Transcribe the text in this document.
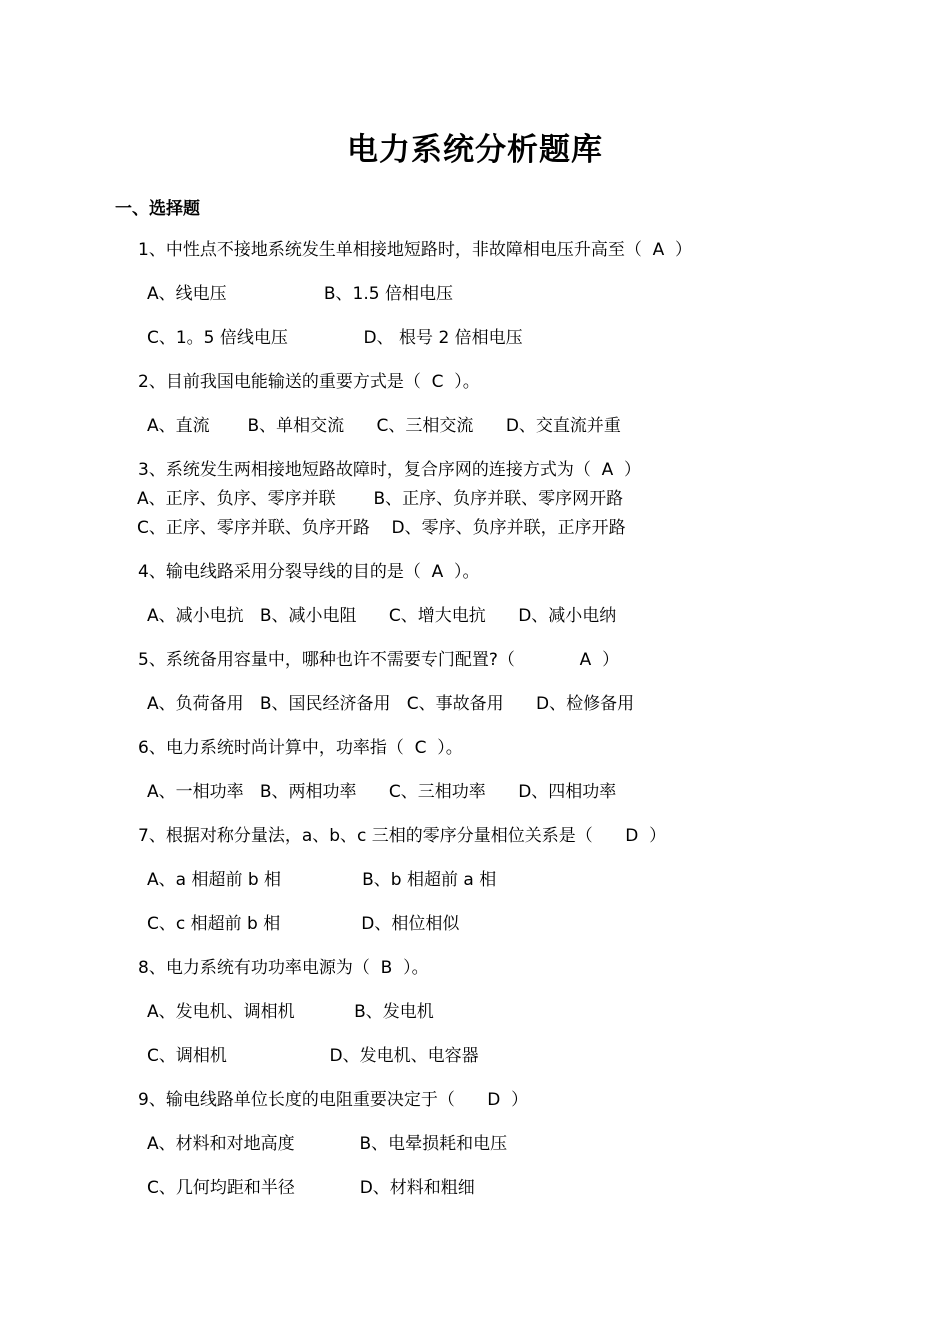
电力系统分析题库
一、选择题
1、中性点不接地系统发生单相接地短路时，非故障相电压升高至（  A  ）
A、线电压                  B、1.5 倍相电压
C、1。5 倍线电压              D、 根号 2 倍相电压
2、目前我国电能输送的重要方式是（  C  ）。
A、直流       B、单相交流      C、三相交流      D、交直流并重
3、系统发生两相接地短路故障时，复合序网的连接方式为（  A  ）
A、正序、负序、零序并联       B、正序、负序并联、零序网开路
C、正序、零序并联、负序开路    D、零序、负序并联，正序开路
4、输电线路采用分裂导线的目的是（  A  ）。
A、减小电抗   B、减小电阻      C、增大电抗      D、减小电纳
5、系统备用容量中，哪种也许不需要专门配置?（            A  ）
A、负荷备用   B、国民经济备用   C、事故备用      D、检修备用
6、电力系统时尚计算中，功率指（  C  ）。
A、一相功率   B、两相功率      C、三相功率      D、四相功率
7、根据对称分量法，a、b、c 三相的零序分量相位关系是（      D  ）
A、a 相超前 b 相               B、b 相超前 a 相
C、c 相超前 b 相               D、相位相似
8、电力系统有功功率电源为（  B  ）。
A、发电机、调相机           B、发电机
C、调相机                   D、发电机、电容器
9、输电线路单位长度的电阻重要决定于（      D  ）
A、材料和对地高度            B、电晕损耗和电压
C、几何均距和半径            D、材料和粗细
